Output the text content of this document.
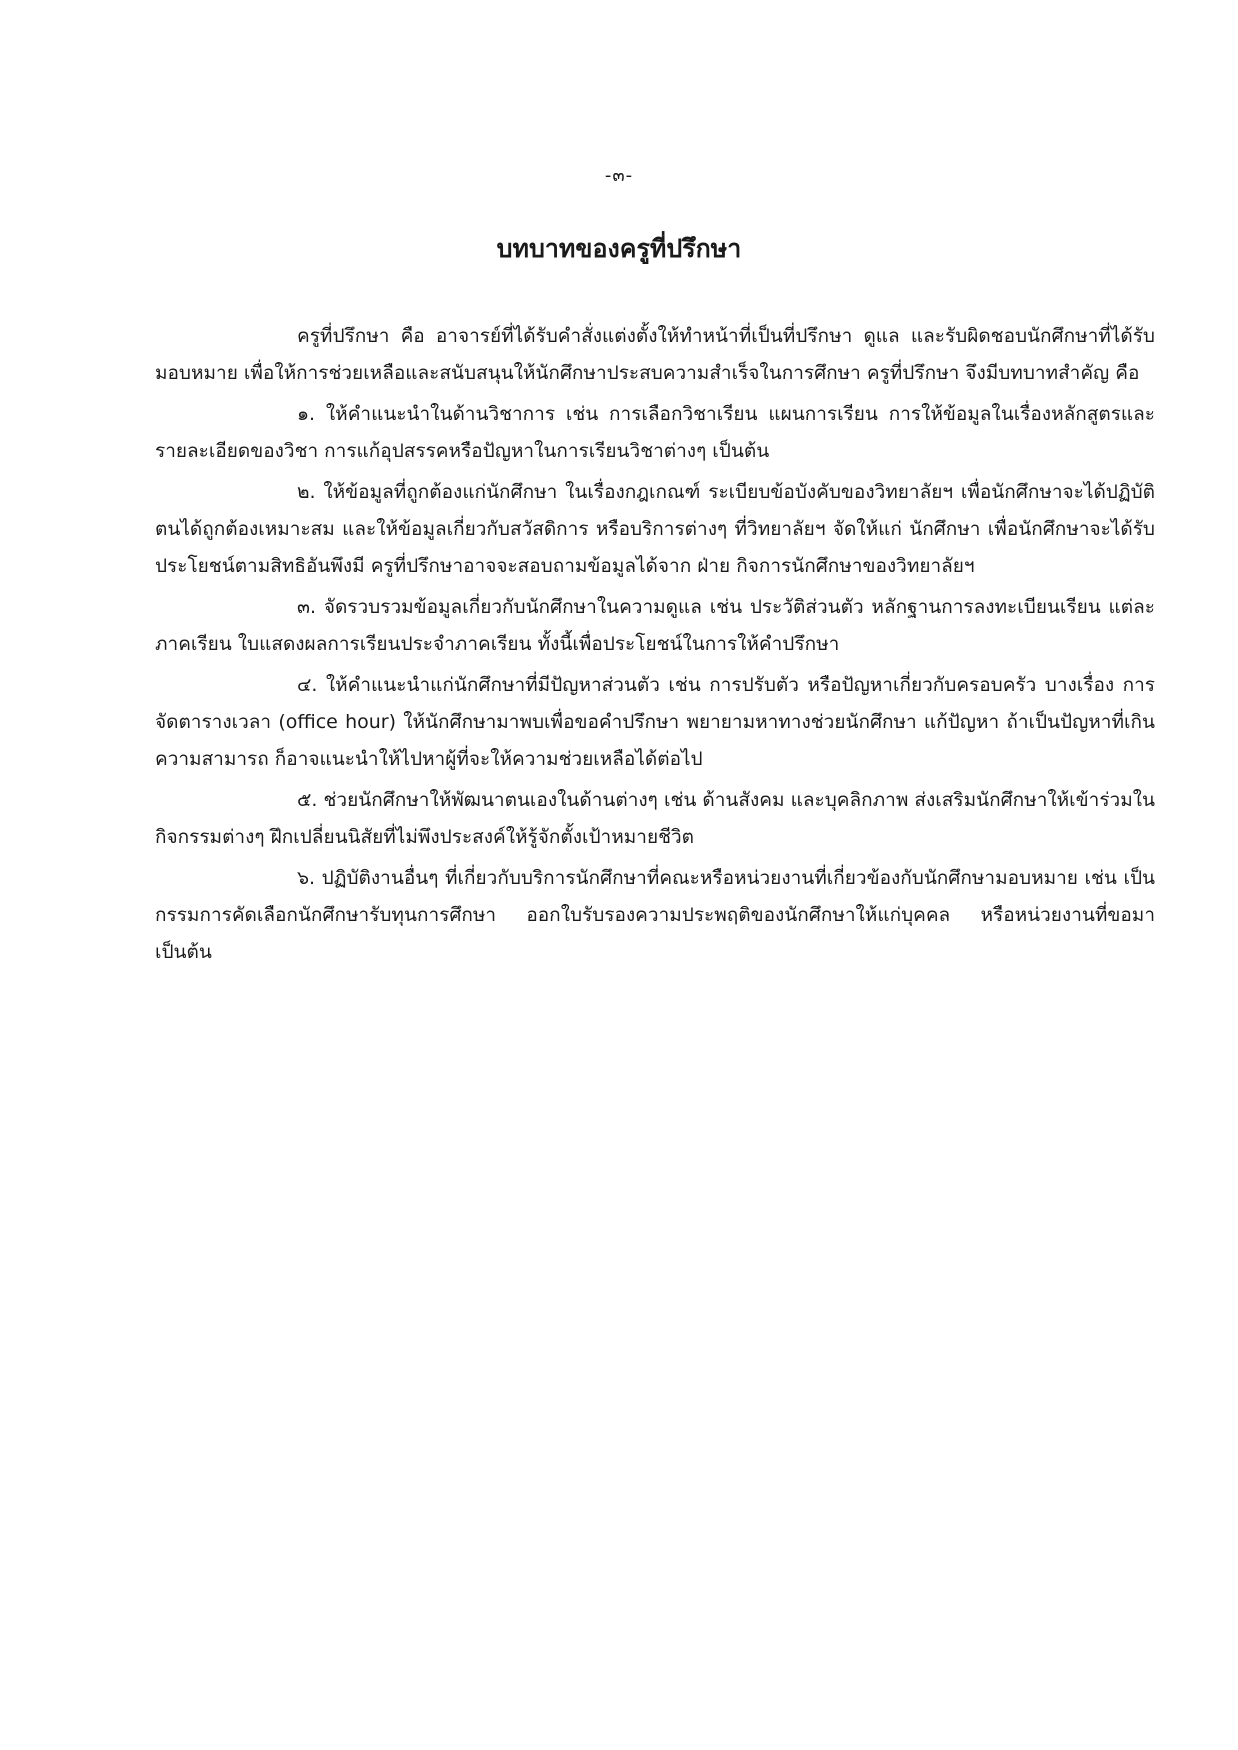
-๓-
บทบาทของครูที่ปรึกษา

ครูที่ปรึกษา คือ อาจารย์ที่ได้รับคำสั่งแต่งตั้งให้ทำหน้าที่เป็นที่ปรึกษา ดูแล และรับผิดชอบนักศึกษาที่ได้รับมอบหมาย เพื่อให้การช่วยเหลือและสนับสนุนให้นักศึกษาประสบความสำเร็จในการศึกษา ครูที่ปรึกษา จึงมีบทบาทสำคัญ คือ

๑. ให้คำแนะนำในด้านวิชาการ เช่น การเลือกวิชาเรียน แผนการเรียน การให้ข้อมูลในเรื่องหลักสูตรและรายละเอียดของวิชา การแก้อุปสรรคหรือปัญหาในการเรียนวิชาต่างๆ เป็นต้น

๒. ให้ข้อมูลที่ถูกต้องแก่นักศึกษา ในเรื่องกฎเกณฑ์ ระเบียบข้อบังคับของวิทยาลัยฯ เพื่อนักศึกษาจะได้ปฏิบัติตนได้ถูกต้องเหมาะสม และให้ข้อมูลเกี่ยวกับสวัสดิการ หรือบริการต่างๆ ที่วิทยาลัยฯ จัดให้แก่ นักศึกษา เพื่อนักศึกษาจะได้รับประโยชน์ตามสิทธิอันพึงมี ครูที่ปรึกษาอาจจะสอบถามข้อมูลได้จาก ฝ่าย กิจการนักศึกษาของวิทยาลัยฯ

๓. จัดรวบรวมข้อมูลเกี่ยวกับนักศึกษาในความดูแล เช่น ประวัติส่วนตัว หลักฐานการลงทะเบียนเรียน แต่ละภาคเรียน ใบแสดงผลการเรียนประจำภาคเรียน ทั้งนี้เพื่อประโยชน์ในการให้คำปรึกษา

๔. ให้คำแนะนำแก่นักศึกษาที่มีปัญหาส่วนตัว เช่น การปรับตัว หรือปัญหาเกี่ยวกับครอบครัว บางเรื่อง การจัดตารางเวลา (office hour) ให้นักศึกษามาพบเพื่อขอคำปรึกษา พยายามหาทางช่วยนักศึกษา แก้ปัญหา ถ้าเป็นปัญหาที่เกินความสามารถ ก็อาจแนะนำให้ไปหาผู้ที่จะให้ความช่วยเหลือได้ต่อไป

๕. ช่วยนักศึกษาให้พัฒนาตนเองในด้านต่างๆ เช่น ด้านสังคม และบุคลิกภาพ ส่งเสริมนักศึกษาให้เข้าร่วมในกิจกรรมต่างๆ ฝึกเปลี่ยนนิสัยที่ไม่พึงประสงค์ให้รู้จักตั้งเป้าหมายชีวิต

๖. ปฏิบัติงานอื่นๆ ที่เกี่ยวกับบริการนักศึกษาที่คณะหรือหน่วยงานที่เกี่ยวข้องกับนักศึกษามอบหมาย เช่น เป็นกรรมการคัดเลือกนักศึกษารับทุนการศึกษา ออกใบรับรองความประพฤติของนักศึกษาให้แก่บุคคล หรือหน่วยงานที่ขอมา เป็นต้น
